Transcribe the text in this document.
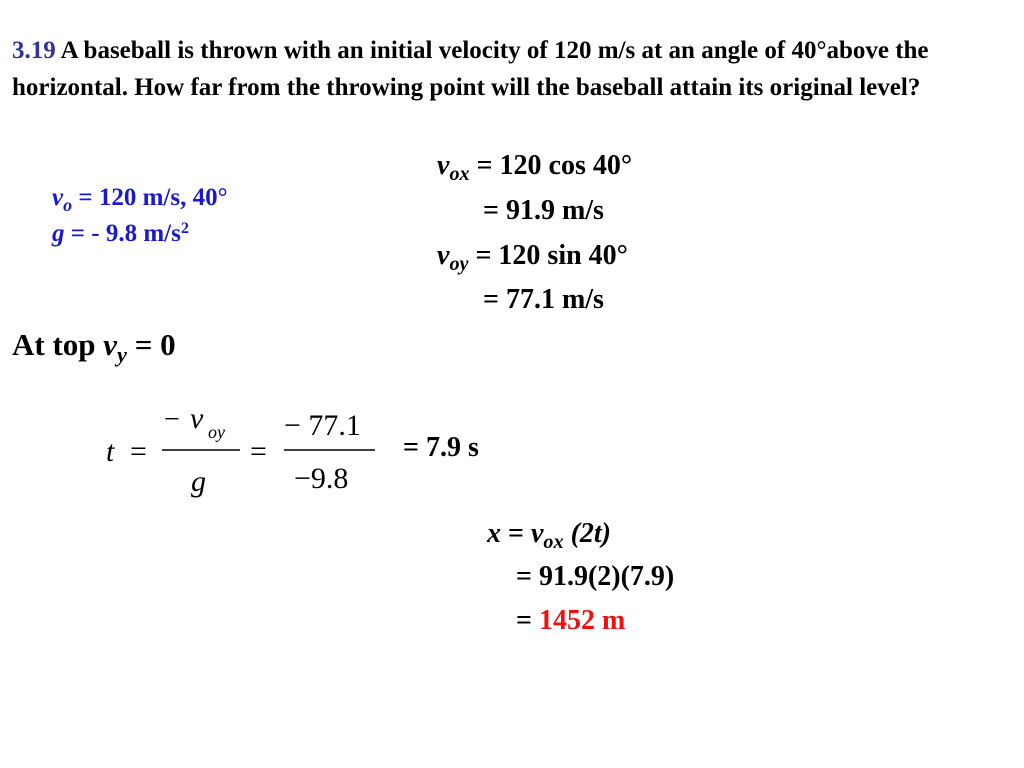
3.19 A baseball is thrown with an initial velocity of 120 m/s at an angle of 40°above the horizontal. How far from the throwing point will the baseball attain its original level?
$v_o = 120$ m/s, 40°
g = - 9.8 $m/s^2$
$v_{ox} = 120$ cos 40°
= 91.9 m/s
$v_{oy} = 120$ sin 40°
= 77.1 m/s
At top $v_y = 0$
t =
− v oy
g
=
− 77.1
−9.8
= 7.9 s
$x = v_{ox}$ (2t)
= 91.9(2)(7.9)
= 1452 m
